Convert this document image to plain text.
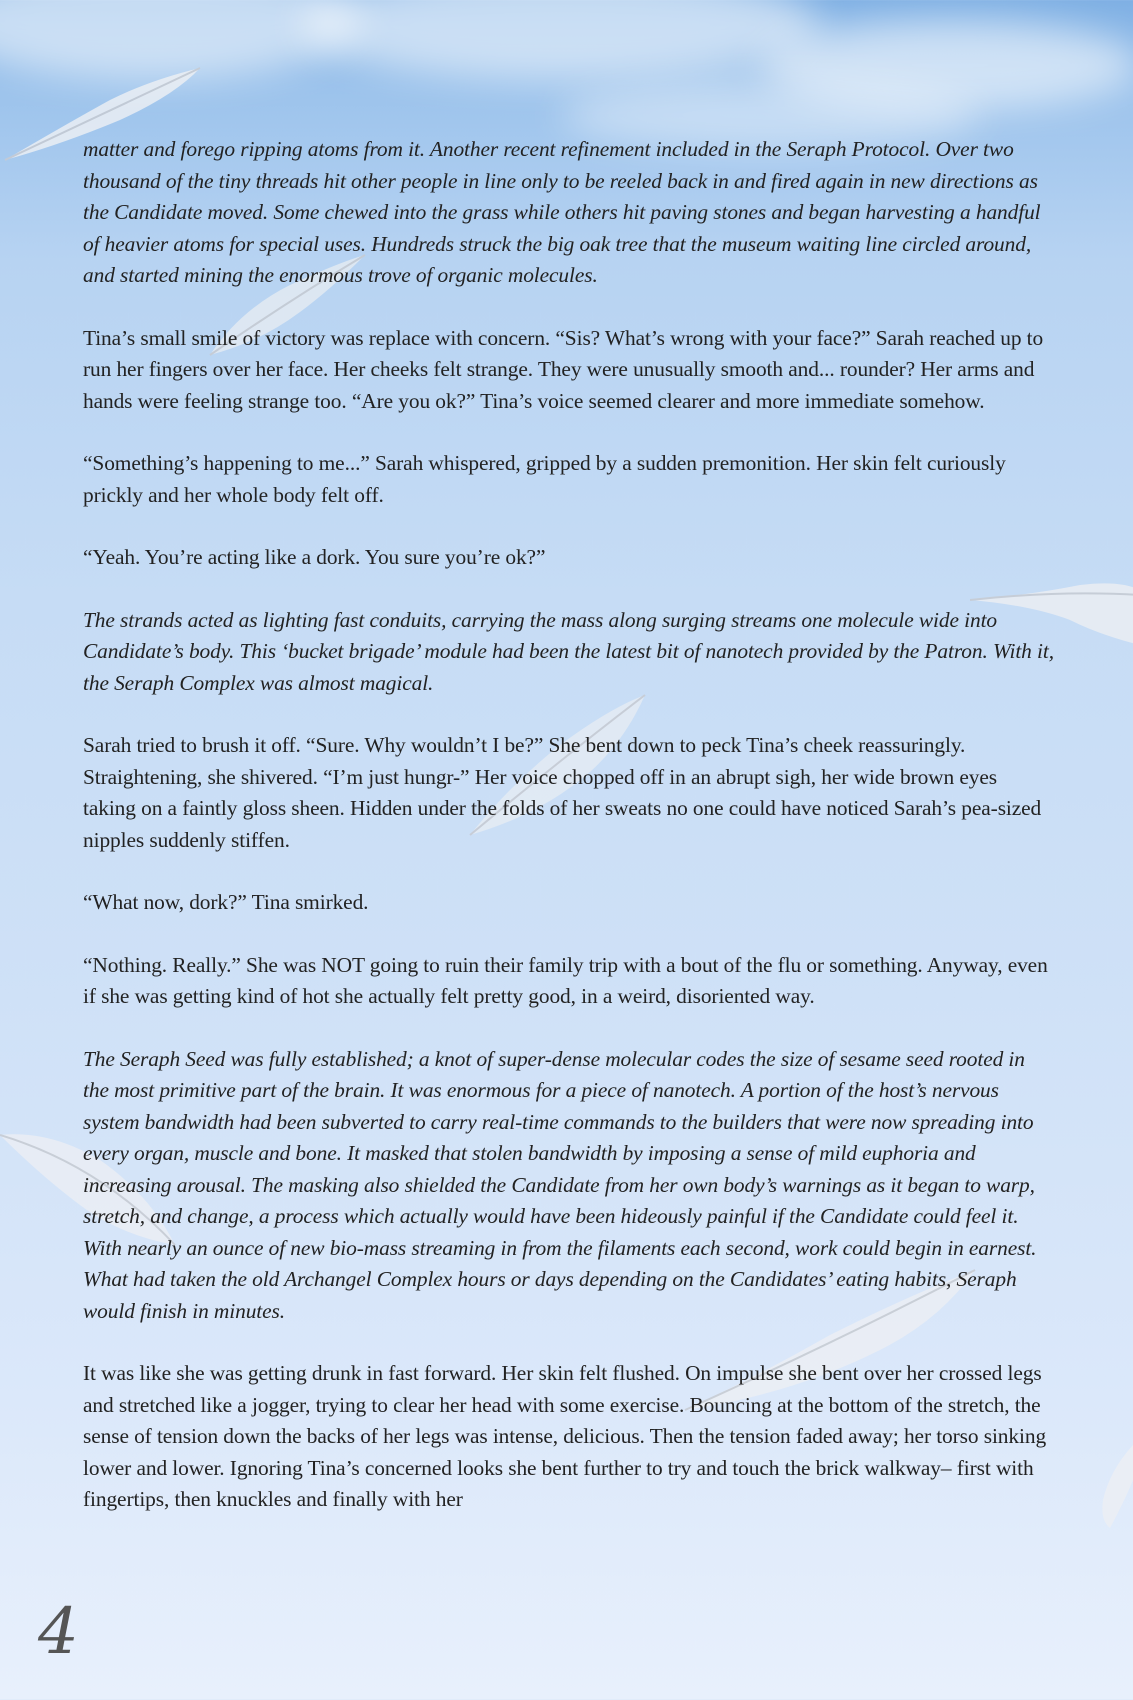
matter and forego ripping atoms from it. Another recent refinement included in the Seraph Protocol. Over two thousand of the tiny threads hit other people in line only to be reeled back in and fired again in new directions as the Candidate moved. Some chewed into the grass while others hit paving stones and began harvesting a handful of heavier atoms for special uses. Hundreds struck the big oak tree that the museum waiting line circled around, and started mining the enormous trove of organic molecules.

Tina’s small smile of victory was replace with concern. “Sis? What’s wrong with your face?” Sarah reached up to run her fingers over her face. Her cheeks felt strange. They were unusually smooth and... rounder? Her arms and hands were feeling strange too. “Are you ok?” Tina’s voice seemed clearer and more immediate somehow.

“Something’s happening to me...” Sarah whispered, gripped by a sudden premonition. Her skin felt curiously prickly and her whole body felt off.

“Yeah. You’re acting like a dork. You sure you’re ok?”

The strands acted as lighting fast conduits, carrying the mass along surging streams one molecule wide into Candidate’s body. This ‘bucket brigade’ module had been the latest bit of nanotech provided by the Patron. With it, the Seraph Complex was almost magical.

Sarah tried to brush it off. “Sure. Why wouldn’t I be?” She bent down to peck Tina’s cheek reassuringly. Straightening, she shivered. “I’m just hungr-” Her voice chopped off in an abrupt sigh, her wide brown eyes taking on a faintly gloss sheen. Hidden under the folds of her sweats no one could have noticed Sarah’s pea-sized nipples suddenly stiffen.

“What now, dork?” Tina smirked.

“Nothing. Really.” She was NOT going to ruin their family trip with a bout of the flu or something. Anyway, even if she was getting kind of hot she actually felt pretty good, in a weird, disoriented way.

The Seraph Seed was fully established; a knot of super-dense molecular codes the size of sesame seed rooted in the most primitive part of the brain. It was enormous for a piece of nanotech. A portion of the host’s nervous system bandwidth had been subverted to carry real-time commands to the builders that were now spreading into every organ, muscle and bone. It masked that stolen bandwidth by imposing a sense of mild euphoria and increasing arousal. The masking also shielded the Candidate from her own body’s warnings as it began to warp, stretch, and change, a process which actually would have been hideously painful if the Candidate could feel it. With nearly an ounce of new bio-mass streaming in from the filaments each second, work could begin in earnest. What had taken the old Archangel Complex hours or days depending on the Candidates’ eating habits, Seraph would finish in minutes.

It was like she was getting drunk in fast forward. Her skin felt flushed. On impulse she bent over her crossed legs and stretched like a jogger, trying to clear her head with some exercise. Bouncing at the bottom of the stretch, the sense of tension down the backs of her legs was intense, delicious. Then the tension faded away; her torso sinking lower and lower. Ignoring Tina’s concerned looks she bent further to try and touch the brick walkway– first with fingertips, then knuckles and finally with her

4
